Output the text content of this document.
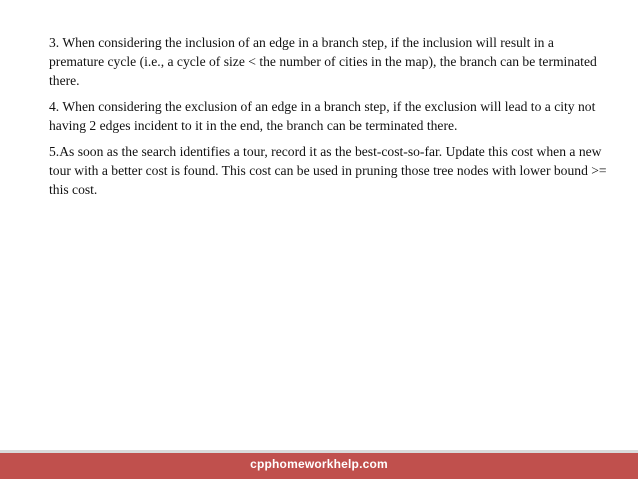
3. When considering the inclusion of an edge in a branch step, if the inclusion will result in a premature cycle (i.e., a cycle of size < the number of cities in the map), the branch can be terminated there.

4. When considering the exclusion of an edge in a branch step, if the exclusion will lead to a city not having 2 edges incident to it in the end, the branch can be terminated there.

5.As soon as the search identifies a tour, record it as the best-cost-so-far. Update this cost when a new tour with a better cost is found. This cost can be used in pruning those tree nodes with lower bound >= this cost.

cpphomeworkhelp.com
